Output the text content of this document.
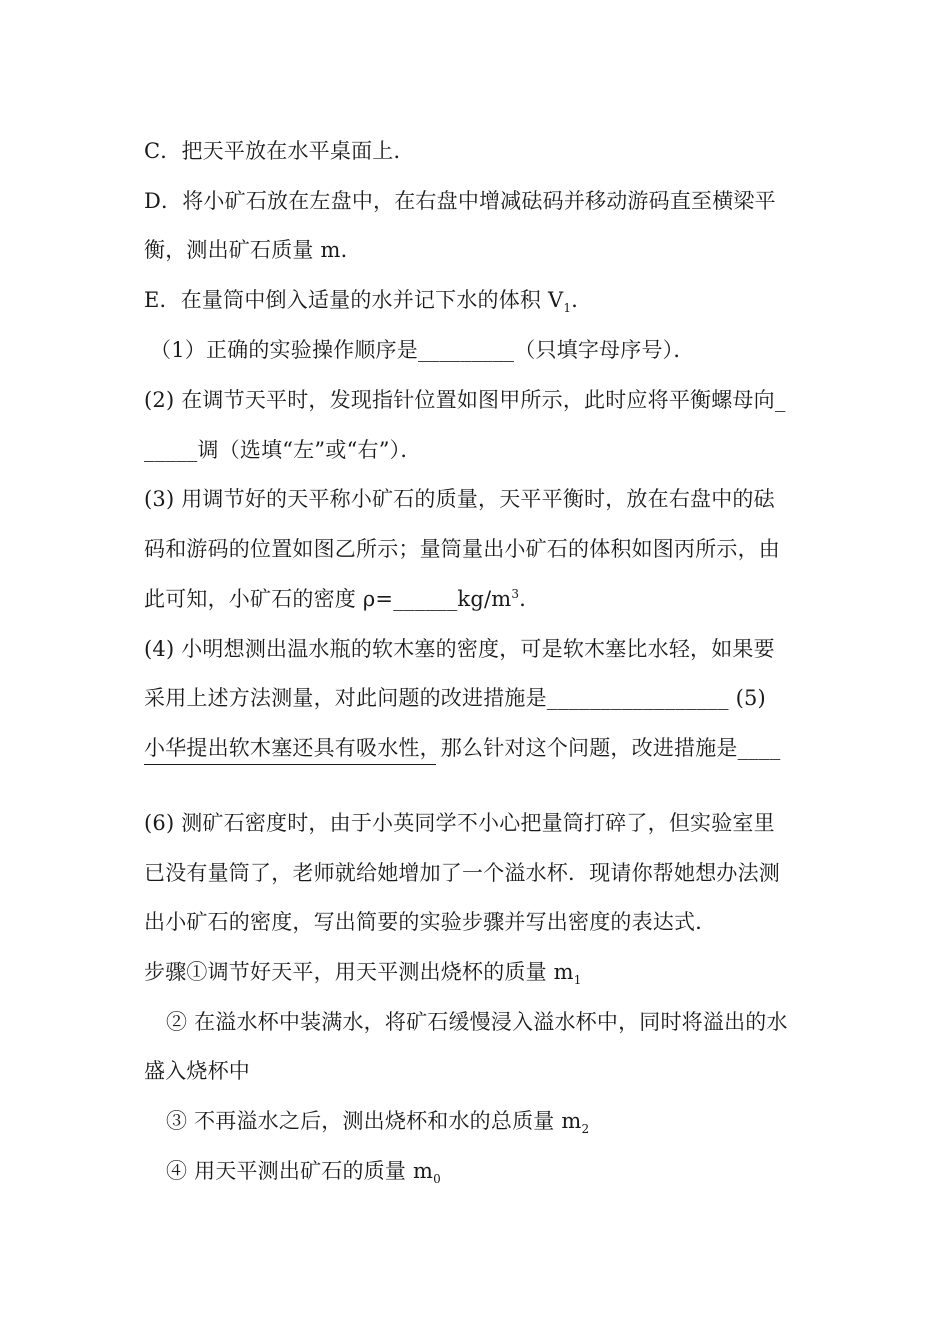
C．把天平放在水平桌面上．
D．将小矿石放在左盘中，在右盘中增减砝码并移动游码直至横梁平
衡，测出矿石质量 m．
E．在量筒中倒入适量的水并记下水的体积 $V_1$．
（1）正确的实验操作顺序是_________（只填字母序号）．
(2) 在调节天平时，发现指针位置如图甲所示，此时应将平衡螺母向_
_____调（选填“左”或“右”）．
(3) 用调节好的天平称小矿石的质量，天平平衡时，放在右盘中的砝
码和游码的位置如图乙所示；量筒量出小矿石的体积如图丙所示，由
此可知，小矿石的密度 $\rho=\_\_\_\_\_\_kg/m^3$．
(4) 小明想测出温水瓶的软木塞的密度，可是软木塞比水轻，如果要
采用上述方法测量，对此问题的改进措施是_________________ (5)
小华提出软木塞还具有吸水性，那么针对这个问题，改进措施是____
(6) 测矿石密度时，由于小英同学不小心把量筒打碎了，但实验室里
已没有量筒了，老师就给她增加了一个溢水杯．现请你帮她想办法测
出小矿石的密度，写出简要的实验步骤并写出密度的表达式．
步骤①调节好天平，用天平测出烧杯的质量 $m_1$
② 在溢水杯中装满水，将矿石缓慢浸入溢水杯中，同时将溢出的水
盛入烧杯中
③ 不再溢水之后，测出烧杯和水的总质量 $m_2$
④ 用天平测出矿石的质量 $m_0$
